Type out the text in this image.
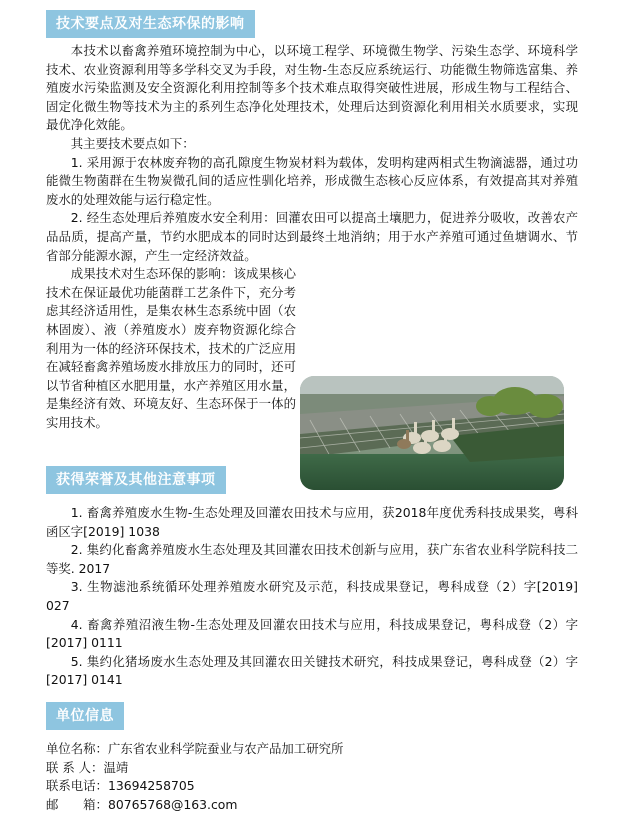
技术要点及对生态环保的影响

本技术以畜禽养殖环境控制为中心，以环境工程学、环境微生物学、污染生态学、环境科学技术、农业资源利用等多学科交叉为手段，对生物-生态反应系统运行、功能微生物筛选富集、养殖废水污染监测及安全资源化利用控制等多个技术难点取得突破性进展，形成生物与工程结合、固定化微生物等技术为主的系列生态净化处理技术，处理后达到资源化利用相关水质要求，实现最优净化效能。

其主要技术要点如下：

1. 采用源于农林废弃物的高孔隙度生物炭材料为载体，发明构建两相式生物滴滤器，通过功能微生物菌群在生物炭微孔间的适应性驯化培养，形成微生态核心反应体系，有效提高其对养殖废水的处理效能与运行稳定性。

2. 经生态处理后养殖废水安全利用：回灌农田可以提高土壤肥力，促进养分吸收，改善农产品品质，提高产量，节约水肥成本的同时达到最终土地消纳；用于水产养殖可通过鱼塘调水、节省部分能源水源，产生一定经济效益。

成果技术对生态环保的影响：该成果核心技术在保证最优功能菌群工艺条件下，充分考虑其经济适用性，是集农林生态系统中固（农林固废）、液（养殖废水）废弃物资源化综合利用为一体的经济环保技术，技术的广泛应用在减轻畜禽养殖场废水排放压力的同时，还可以节省种植区水肥用量，水产养殖区用水量，是集经济有效、环境友好、生态环保于一体的实用技术。

获得荣誉及其他注意事项

1. 畜禽养殖废水生物-生态处理及回灌农田技术与应用，获2018年度优秀科技成果奖，粤科函区字[2019] 1038

2. 集约化畜禽养殖废水生态处理及其回灌农田技术创新与应用，获广东省农业科学院科技二等奖. 2017

3. 生物滤池系统循环处理养殖废水研究及示范，科技成果登记，粤科成登（2）字[2019] 027

4. 畜禽养殖沼液生物-生态处理及回灌农田技术与应用，科技成果登记，粤科成登（2）字[2017] 0111

5. 集约化猪场废水生态处理及其回灌农田关键技术研究，科技成果登记，粤科成登（2）字[2017] 0141

单位信息
单位名称：广东省农业科学院蚕业与农产品加工研究所
联 系 人：温靖
联系电话：13694258705
邮　　箱：80765768@163.com
